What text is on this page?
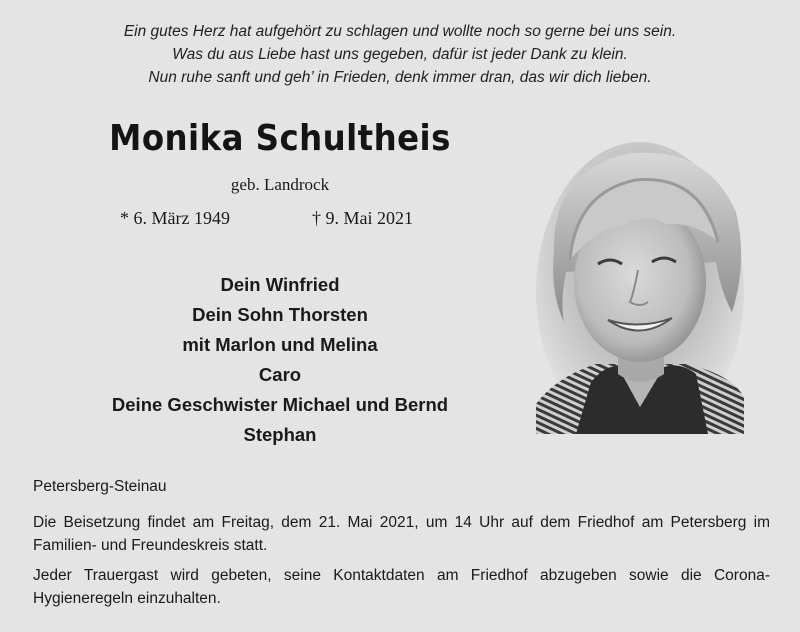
Ein gutes Herz hat aufgehört zu schlagen und wollte noch so gerne bei uns sein.
Was du aus Liebe hast uns gegeben, dafür ist jeder Dank zu klein.
Nun ruhe sanft und geh’ in Frieden, denk immer dran, das wir dich lieben.
Monika Schultheis
geb. Landrock
* 6. März 1949	† 9. Mai 2021
Dein Winfried
Dein Sohn Thorsten
mit Marlon und Melina
Caro
Deine Geschwister Michael und Bernd
Stephan
Petersberg-Steinau
Die Beisetzung findet am Freitag, dem 21. Mai 2021, um 14 Uhr auf dem Friedhof am Petersberg im Familien- und Freundeskreis statt.
Jeder Trauergast wird gebeten, seine Kontaktdaten am Friedhof abzugeben sowie die Corona-Hygieneregeln einzuhalten.
